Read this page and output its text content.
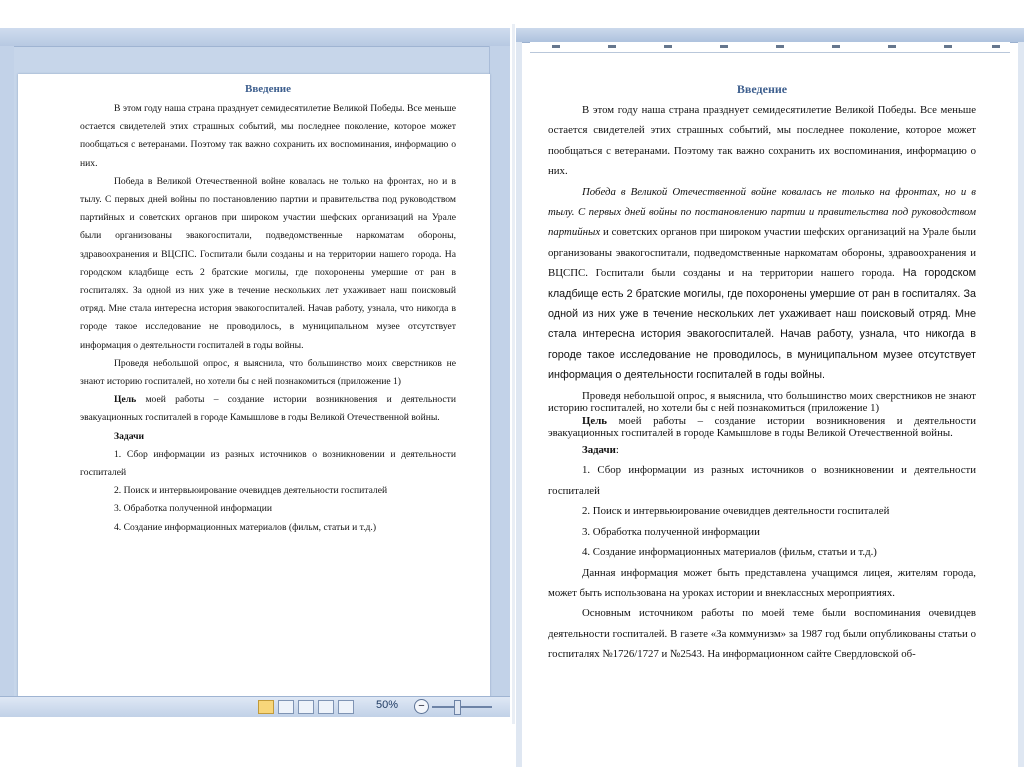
50%	−
Введение

В этом году наша страна празднует семидесятилетие Великой Победы. Все меньше остается свидетелей этих страшных событий, мы последнее поколение, которое может пообщаться с ветеранами. Поэтому так важно сохранить их воспоминания, информацию о них.

Победа в Великой Отечественной войне ковалась не только на фронтах, но и в тылу. С первых дней войны по постановлению партии и правительства под руководством партийных и советских органов при широком участии шефских организаций на Урале были организованы эвакогоспитали, подведомственные наркоматам обороны, здравоохранения и ВЦСПС. Госпитали были созданы и на территории нашего города. На городском кладбище есть 2 братские могилы, где похоронены умершие от ран в госпиталях. За одной из них уже в течение нескольких лет ухаживает наш поисковый отряд. Мне стала интересна история эвакогоспиталей. Начав работу, узнала, что никогда в городе такое исследование не проводилось, в муниципальном музее отсутствует информация о деятельности госпиталей в годы войны.

Проведя небольшой опрос, я выяснила, что большинство моих сверстников не знают историю госпиталей, но хотели бы с ней познакомиться (приложение 1)

Цель моей работы – создание истории возникновения и деятельности эвакуационных госпиталей в городе Камышлове в годы Великой Отечественной войны.

Задачи

1. Сбор информации из разных источников о возникновении и деятельности госпиталей

2. Поиск и интервьюирование очевидцев деятельности госпиталей

3. Обработка полученной информации

4. Создание информационных материалов (фильм, статьи и т.д.)

Введение

В этом году наша страна празднует семидесятилетие Великой Победы. Все меньше остается свидетелей этих страшных событий, мы последнее поколение, которое может пообщаться с ветеранами. Поэтому так важно сохранить их воспоминания, информацию о них.

Победа в Великой Отечественной войне ковалась не только на фронтах, но и в тылу. С первых дней войны по постановлению партии и правительства под руководством партийных и советских органов при широком участии шефских организаций на Урале были организованы эвакогоспитали, подведомственные наркоматам обороны, здравоохранения и ВЦСПС. Госпитали были созданы и на территории нашего города. На городском кладбище есть 2 братские могилы, где похоронены умершие от ран в госпиталях. За одной из них уже в течение нескольких лет ухаживает наш поисковый отряд. Мне стала интересна история эвакогоспиталей. Начав работу, узнала, что никогда в городе такое исследование не проводилось, в муниципальном музее отсутствует информация о деятельности госпиталей в годы войны.

Проведя небольшой опрос, я выяснила, что большинство моих сверстников не знают историю госпиталей, но хотели бы с ней познакомиться (приложение 1)

Цель моей работы – создание истории возникновения и деятельности эвакуационных госпиталей в городе Камышлове в годы Великой Отечественной войны.

Задачи:

1. Сбор информации из разных источников о возникновении и деятельности госпиталей

2. Поиск и интервьюирование очевидцев деятельности госпиталей

3. Обработка полученной информации

4. Создание информационных материалов (фильм, статьи и т.д.)

Данная информация может быть представлена учащимся лицея, жителям города, может быть использована на уроках истории и внеклассных мероприятиях.

Основным источником работы по моей теме были воспоминания очевидцев деятельности госпиталей. В газете «За коммунизм» за 1987 год были опубликованы статьи о госпиталях №1726/1727 и №2543. На информационном сайте Свердловской об-
